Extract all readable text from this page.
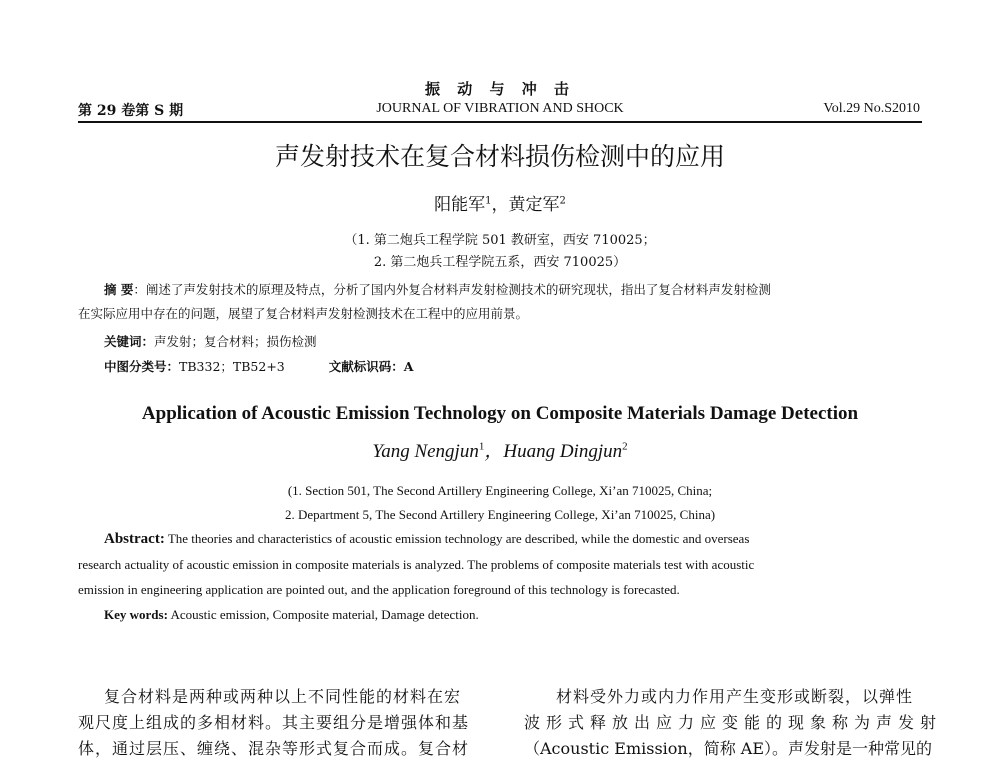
振 动 与 冲 击
第 29 卷第 S 期	JOURNAL OF VIBRATION AND SHOCK	Vol.29 No.S2010
声发射技术在复合材料损伤检测中的应用
阳能军$^1$，黄定军$^2$
（1. 第二炮兵工程学院 501 教研室，西安 710025；
2. 第二炮兵工程学院五系，西安 710025）
摘 要：阐述了声发射技术的原理及特点，分析了国内外复合材料声发射检测技术的研究现状，指出了复合材料声发射检测
在实际应用中存在的问题，展望了复合材料声发射检测技术在工程中的应用前景。
关键词：声发射；复合材料；损伤检测
中图分类号：TB332；TB52+3	文献标识码：A
Application of Acoustic Emission Technology on Composite Materials Damage Detection
Yang Nengjun$^1$，Huang Dingjun$^2$
(1. Section 501, The Second Artillery Engineering College, Xi’an 710025, China;
2. Department 5, The Second Artillery Engineering College, Xi’an 710025, China)
Abstract: The theories and characteristics of acoustic emission technology are described, while the domestic and overseas
research actuality of acoustic emission in composite materials is analyzed. The problems of composite materials test with acoustic
emission in engineering application are pointed out, and the application foreground of this technology is forecasted.
Key words: Acoustic emission, Composite material, Damage detection.
复合材料是两种或两种以上不同性能的材料在宏
观尺度上组成的多相材料。其主要组分是增强体和基
体，通过层压、缠绕、混杂等形式复合而成。复合材
材料受外力或内力作用产生变形或断裂，以弹性
波形式释放出应力应变能的现象称为声发射
（Acoustic Emission，简称 AE）。声发射是一种常见的
